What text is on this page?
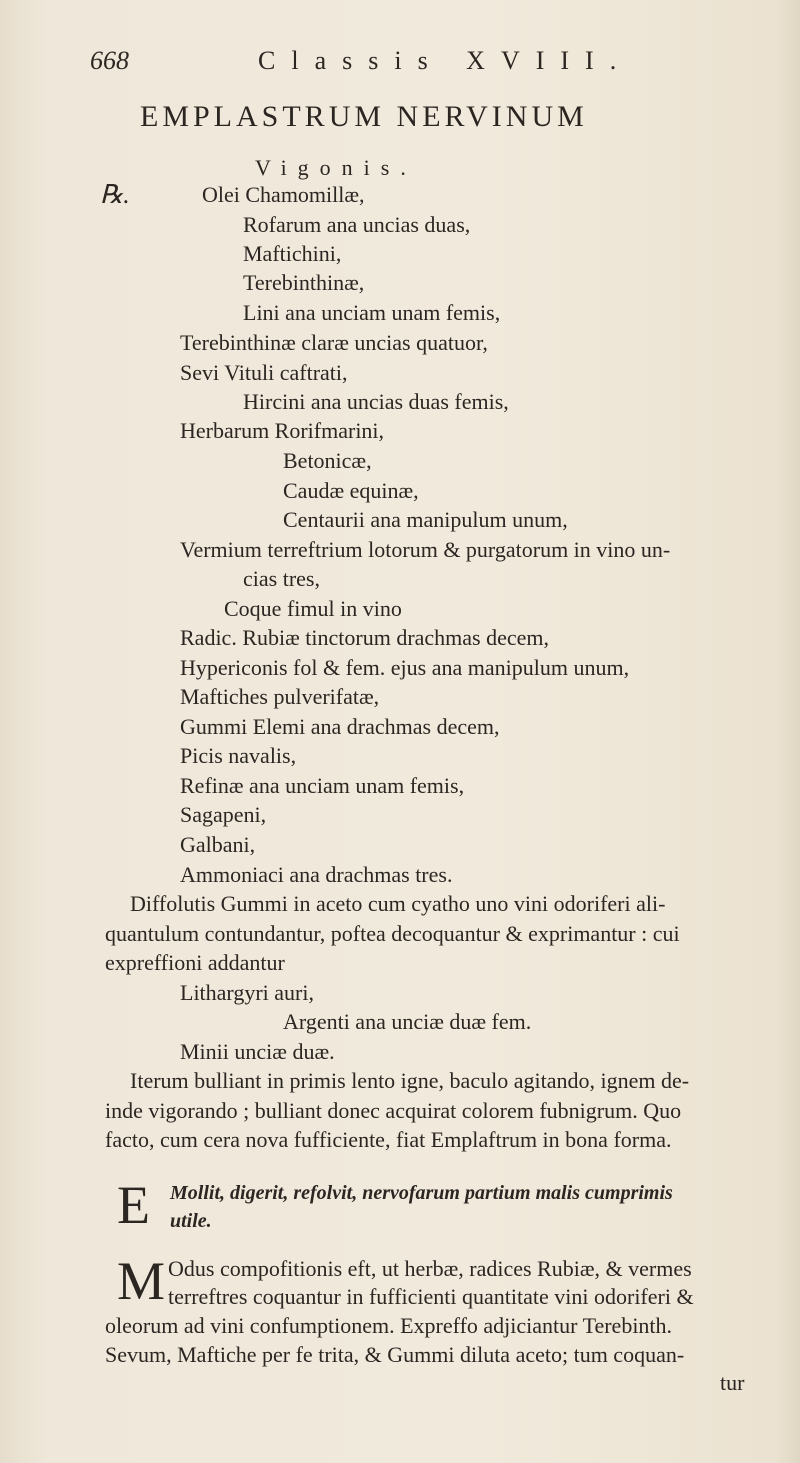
668	Classis XVIII.
EMPLASTRUM NERVINUM
Vigonis.
℞.	Olei Chamomillæ,
Rofarum ana uncias duas,
Maftichini,
Terebinthinæ,
Lini ana unciam unam femis,
Terebinthinæ claræ uncias quatuor,
Sevi Vituli caftrati,
Hircini ana uncias duas femis,
Herbarum Rorifmarini,
Betonicæ,
Caudæ equinæ,
Centaurii ana manipulum unum,
Vermium terreftrium lotorum & purgatorum in vino un-
cias tres,
Coque fimul in vino
Radic. Rubiæ tinctorum drachmas decem,
Hypericonis fol & fem. ejus ana manipulum unum,
Maftiches pulverifatæ,
Gummi Elemi ana drachmas decem,
Picis navalis,
Refinæ ana unciam unam femis,
Sagapeni,
Galbani,
Ammoniaci ana drachmas tres.
Diffolutis Gummi in aceto cum cyatho uno vini odoriferi ali-
quantulum contundantur, poftea decoquantur & exprimantur : cui
expreffioni addantur
Lithargyri auri,
Argenti ana unciæ duæ fem.
Minii unciæ duæ.
Iterum bulliant in primis lento igne, baculo agitando, ignem de-
inde vigorando ; bulliant donec acquirat colorem fubnigrum. Quo
facto, cum cera nova fufficiente, fiat Emplaftrum in bona forma.
E Mollit, digerit, refolvit, nervofarum partium malis cumprimis
utile.
M Odus compofitionis eft, ut herbæ, radices Rubiæ, & vermes
terreftres coquantur in fufficienti quantitate vini odoriferi &
oleorum ad vini confumptionem. Expreffo adjiciantur Terebinth.
Sevum, Maftiche per fe trita, & Gummi diluta aceto; tum coquan-
tur
